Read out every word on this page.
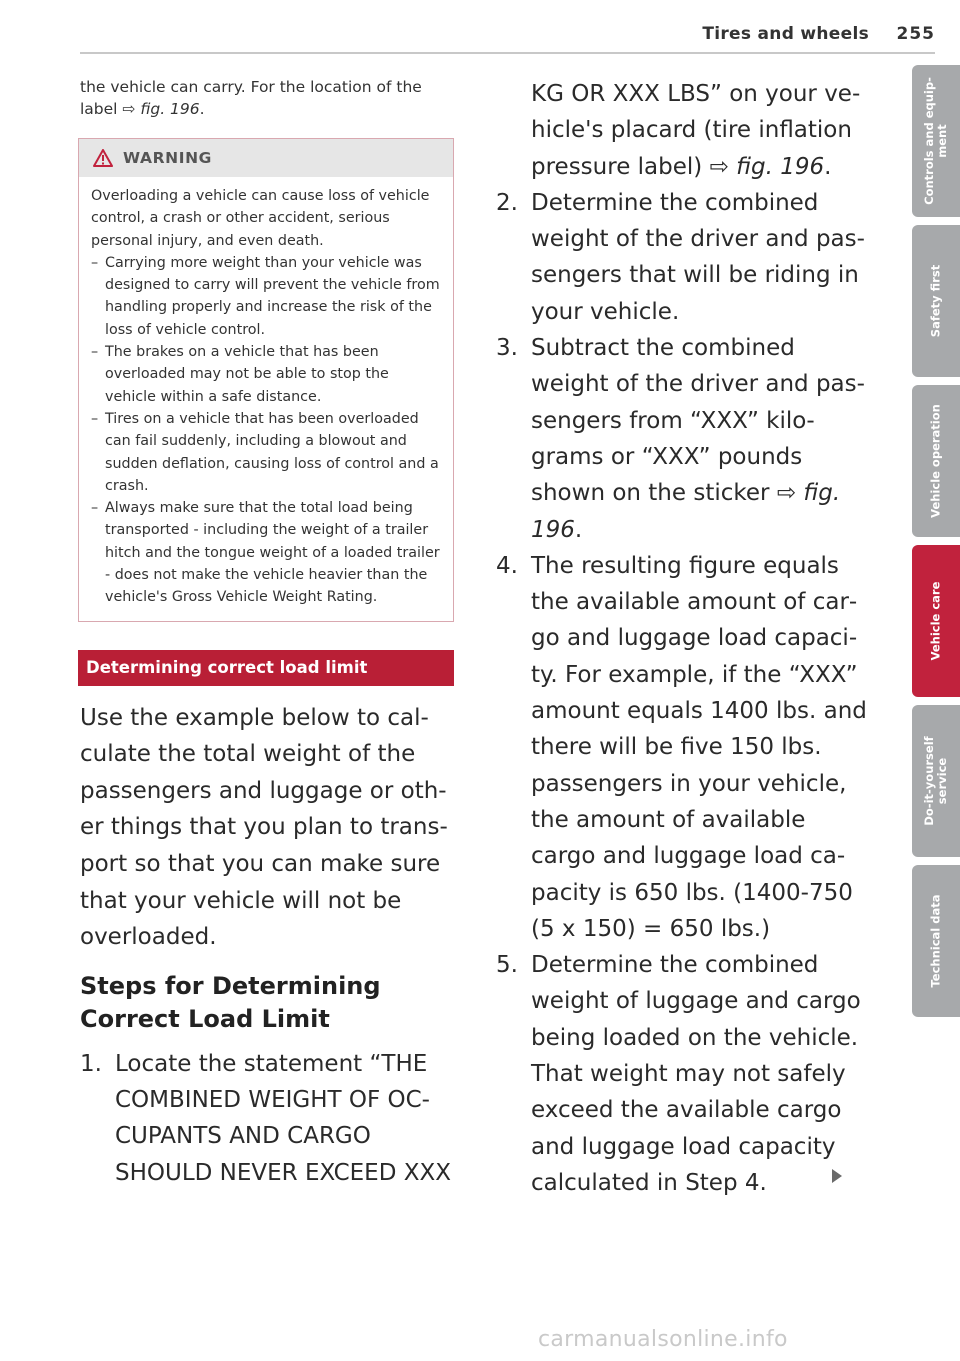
Tires and wheels 255

the vehicle can carry. For the location of the label ⇨ fig. 196.

WARNING

Overloading a vehicle can cause loss of vehicle control, a crash or other accident, serious personal injury, and even death.

– Carrying more weight than your vehicle was designed to carry will prevent the vehicle from handling properly and increase the risk of the loss of vehicle control.
– The brakes on a vehicle that has been overloaded may not be able to stop the vehicle within a safe distance.
– Tires on a vehicle that has been overloaded can fail suddenly, including a blowout and sudden deflation, causing loss of control and a crash.
– Always make sure that the total load being transported - including the weight of a trailer hitch and the tongue weight of a loaded trailer - does not make the vehicle heavier than the vehicle's Gross Vehicle Weight Rating.
Determining correct load limit

Use the example below to calculate the total weight of the passengers and luggage or other things that you plan to transport so that you can make sure that your vehicle will not be overloaded.

Steps for Determining Correct Load Limit
1. Locate the statement “THE COMBINED WEIGHT OF OCCUPANTS AND CARGO SHOULD NEVER EXCEED XXX
KG OR XXX LBS” on your vehicle's placard (tire inflation pressure label) ⇨ fig. 196.
2. Determine the combined weight of the driver and passengers that will be riding in your vehicle.
3. Subtract the combined weight of the driver and passengers from “XXX” kilograms or “XXX” pounds shown on the sticker ⇨ fig. 196.
4. The resulting figure equals the available amount of cargo and luggage load capacity. For example, if the “XXX” amount equals 1400 lbs. and there will be five 150 lbs. passengers in your vehicle, the amount of available cargo and luggage load capacity is 650 lbs. (1400-750 (5 x 150) = 650 lbs.)
5. Determine the combined weight of luggage and cargo being loaded on the vehicle. That weight may not safely exceed the available cargo and luggage load capacity calculated in Step 4.
Controls and equip-
ment
Safety first
Vehicle operation
Vehicle care
Do-it-yourself
service
Technical data
carmanualsonline.info
